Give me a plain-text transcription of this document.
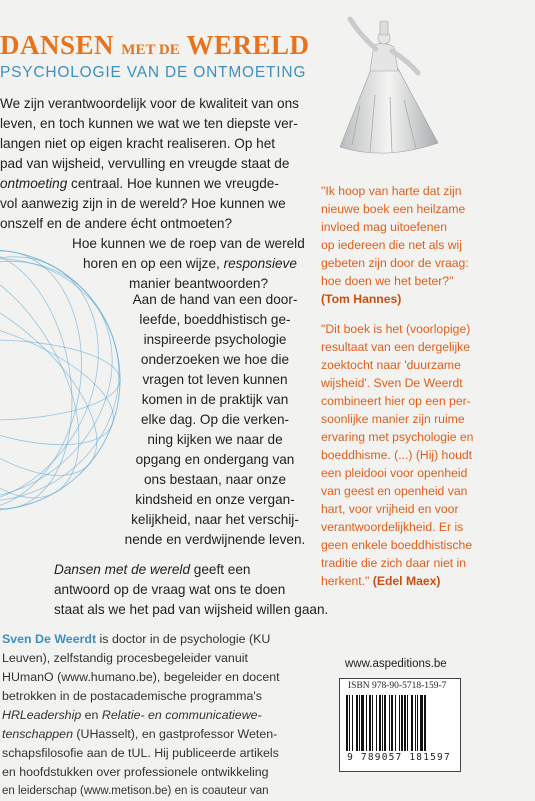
DANSEN MET DE WERELD
PSYCHOLOGIE VAN DE ONTMOETING

We zijn verantwoordelijk voor de kwaliteit van ons

leven, en toch kunnen we wat we ten diepste ver-

langen niet op eigen kracht realiseren. Op het

pad van wijsheid, vervulling en vreugde staat de

ontmoeting centraal. Hoe kunnen we vreugde-

vol aanwezig zijn in de wereld? Hoe kunnen we

onszelf en de andere écht ontmoeten?

Hoe kunnen we de roep van de wereld

horen en op een wijze, responsieve

manier beantwoorden?

Aan de hand van een door-

leefde, boeddhistisch ge-

inspireerde psychologie

onderzoeken we hoe die

vragen tot leven kunnen

komen in de praktijk van

elke dag. Op die verken-

ning kijken we naar de

opgang en ondergang van

ons bestaan, naar onze

kindsheid en onze vergan-

kelijkheid, naar het verschij-

nende en verdwijnende leven.

Dansen met de wereld geeft een

antwoord op de vraag wat ons te doen

staat als we het pad van wijsheid willen gaan.

"Ik hoop van harte dat zijn

nieuwe boek een heilzame

invloed mag uitoefenen

op iedereen die net als wij

gebeten zijn door de vraag:

hoe doen we het beter?"

(Tom Hannes)

"Dit boek is het (voorlopige)

resultaat van een dergelijke

zoektocht naar 'duurzame

wijsheid'. Sven De Weerdt

combineert hier op een per-

soonlijke manier zijn ruime

ervaring met psychologie en

boeddhisme. (...) (Hij) houdt

een pleidooi voor openheid

van geest en openheid van

hart, voor vrijheid en voor

verantwoordelijkheid. Er is

geen enkele boeddhistische

traditie die zich daar niet in

herkent." (Edel Maex)

Sven De Weerdt is doctor in de psychologie (KU

Leuven), zelfstandig procesbegeleider vanuit

HUmanO (www.humano.be), begeleider en docent

betrokken in de postacademische programma's

HRLeadership en Relatie- en communicatiewe-

tenschappen (UHasselt), en gastprofessor Weten-

schapsfilosofie aan de tUL. Hij publiceerde artikels

en hoofdstukken over professionele ontwikkeling

en leiderschap (www.metison.be) en is coauteur van

www.aspeditions.be
ISBN 978-90-5718-159-7
9 789057 181597
